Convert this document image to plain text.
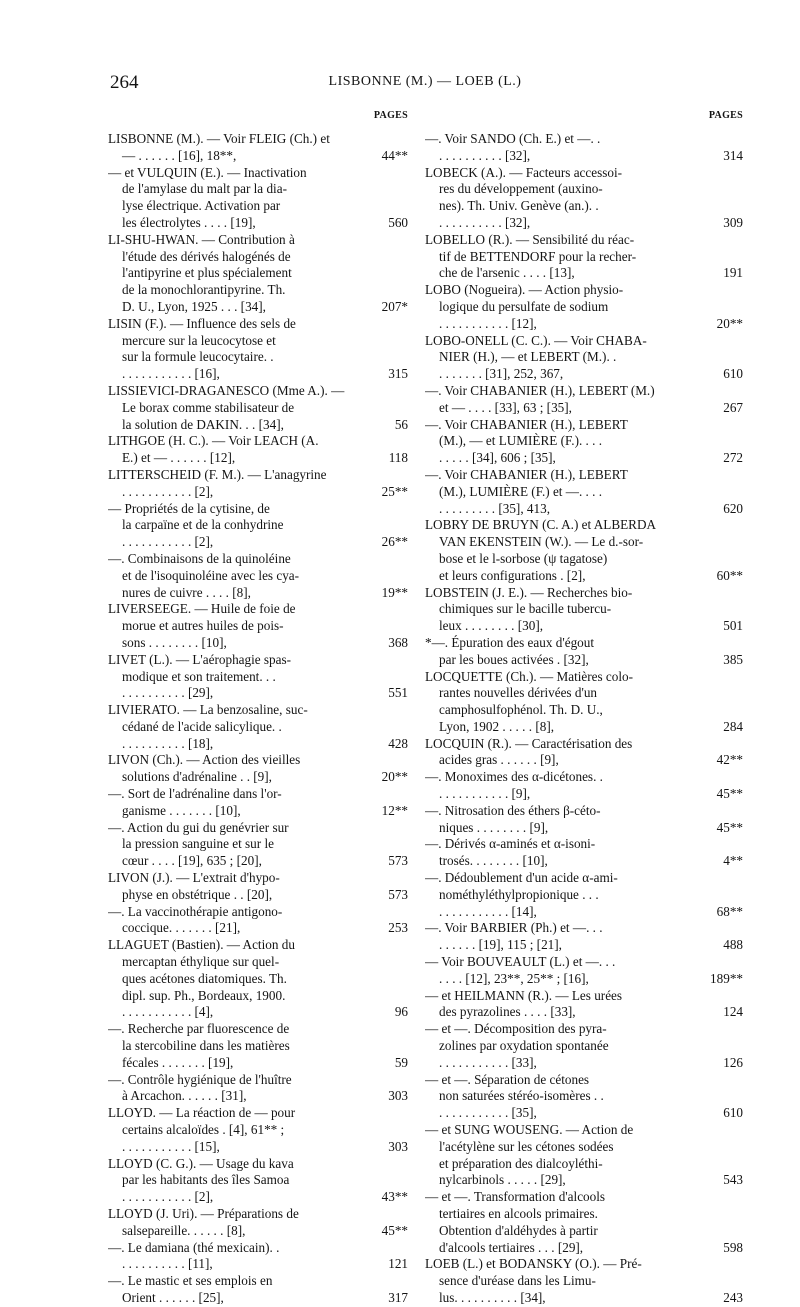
264	LISBONNE (M.) — LOEB (L.)
PAGES
LISBONNE (M.). — Voir FLEIG (Ch.) et
— . . . . . . [16], 18**,	44**
— et VULQUIN (E.). — Inactivation
de l'amylase du malt par la dia-
lyse électrique. Activation par
les électrolytes . . . . [19],	560
LI-SHU-HWAN. — Contribution à
l'étude des dérivés halogénés de
l'antipyrine et plus spécialement
de la monochlorantipyrine. Th.
D. U., Lyon, 1925 . . . [34],	207*
LISIN (F.). — Influence des sels de
mercure sur la leucocytose et
sur la formule leucocytaire. .
. . . . . . . . . . . [16],	315
LISSIEVICI-DRAGANESCO (Mme A.). —
Le borax comme stabilisateur de
la solution de DAKIN. . . [34],	56
LITHGOE (H. C.). — Voir LEACH (A.
E.) et — . . . . . . [12],	118
LITTERSCHEID (F. M.). — L'anagyrine
. . . . . . . . . . . [2],	25**
— Propriétés de la cytisine, de
la carpaïne et de la conhydrine
. . . . . . . . . . . [2],	26**
—. Combinaisons de la quinoléine
et de l'isoquinoléine avec les cya-
nures de cuivre . . . . [8],	19**
LIVERSEEGE. — Huile de foie de
morue et autres huiles de pois-
sons . . . . . . . . [10],	368
LIVET (L.). — L'aérophagie spas-
modique et son traitement. . .
. . . . . . . . . . [29],	551
LIVIERATO. — La benzosaline, suc-
cédané de l'acide salicylique. .
. . . . . . . . . . [18],	428
LIVON (Ch.). — Action des vieilles
solutions d'adrénaline . . [9],	20**
—. Sort de l'adrénaline dans l'or-
ganisme . . . . . . . [10],	12**
—. Action du gui du genévrier sur
la pression sanguine et sur le
cœur . . . . [19], 635 ; [20],	573
LIVON (J.). — L'extrait d'hypo-
physe en obstétrique . . [20],	573
—. La vaccinothérapie antigono-
coccique. . . . . . . [21],	253
LLAGUET (Bastien). — Action du
mercaptan éthylique sur quel-
ques acétones diatomiques. Th.
dipl. sup. Ph., Bordeaux, 1900.
. . . . . . . . . . . [4],	96
—. Recherche par fluorescence de
la stercobiline dans les matières
fécales . . . . . . . [19],	59
—. Contrôle hygiénique de l'huître
à Arcachon. . . . . . [31],	303
LLOYD. — La réaction de — pour
certains alcaloïdes . [4], 61** ;
. . . . . . . . . . . [15],	303
LLOYD (C. G.). — Usage du kava
par les habitants des îles Samoa
. . . . . . . . . . . [2],	43**
LLOYD (J. Uri). — Préparations de
salsepareille. . . . . . [8],	45**
—. Le damiana (thé mexicain). .
. . . . . . . . . . [11],	121
—. Le mastic et ses emplois en
Orient . . . . . . [25],	317
PAGES
—. Voir SANDO (Ch. E.) et —. .
. . . . . . . . . . [32],	314
LOBECK (A.). — Facteurs accessoi-
res du développement (auxino-
nes). Th. Univ. Genève (an.). .
. . . . . . . . . . [32],	309
LOBELLO (R.). — Sensibilité du réac-
tif de BETTENDORF pour la recher-
che de l'arsenic . . . . [13],	191
LOBO (Nogueira). — Action physio-
logique du persulfate de sodium
. . . . . . . . . . . [12],	20**
LOBO-ONELL (C. C.). — Voir CHABA-
NIER (H.), — et LEBERT (M.). .
. . . . . . . [31], 252, 367,	610
—. Voir CHABANIER (H.), LEBERT (M.)
et — . . . . [33], 63 ; [35],	267
—. Voir CHABANIER (H.), LEBERT
(M.), — et LUMIÈRE (F.). . . .
. . . . . [34], 606 ; [35],	272
—. Voir CHABANIER (H.), LEBERT
(M.), LUMIÈRE (F.) et —. . . .
. . . . . . . . . [35], 413,	620
LOBRY DE BRUYN (C. A.) et ALBERDA
VAN EKENSTEIN (W.). — Le d.-sor-
bose et le l-sorbose (ψ tagatose)
et leurs configurations . [2],	60**
LOBSTEIN (J. E.). — Recherches bio-
chimiques sur le bacille tubercu-
leux . . . . . . . . [30],	501
*—. Épuration des eaux d'égout
par les boues activées . [32],	385
LOCQUETTE (Ch.). — Matières colo-
rantes nouvelles dérivées d'un
camphosulfophénol. Th. D. U.,
Lyon, 1902 . . . . . [8],	284
LOCQUIN (R.). — Caractérisation des
acides gras . . . . . . [9],	42**
—. Monoximes des α-dicétones. .
. . . . . . . . . . . [9],	45**
—. Nitrosation des éthers β-céto-
niques . . . . . . . . [9],	45**
—. Dérivés α-aminés et α-isoni-
trosés. . . . . . . . [10],	4**
—. Dédoublement d'un acide α-ami-
nométhyléthylpropionique . . .
. . . . . . . . . . . [14],	68**
—. Voir BARBIER (Ph.) et —. . .
. . . . . . [19], 115 ; [21],	488
— Voir BOUVEAULT (L.) et —. . .
. . . . [12], 23**, 25** ; [16],	189**
— et HEILMANN (R.). — Les urées
des pyrazolines . . . . [33],	124
— et —. Décomposition des pyra-
zolines par oxydation spontanée
. . . . . . . . . . . [33],	126
— et —. Séparation de cétones
non saturées stéréo-isomères . .
. . . . . . . . . . . [35],	610
— et SUNG WOUSENG. — Action de
l'acétylène sur les cétones sodées
et préparation des dialcoyléthi-
nylcarbinols . . . . . [29],	543
— et —. Transformation d'alcools
tertiaires en alcools primaires.
Obtention d'aldéhydes à partir
d'alcools tertiaires . . . [29],	598
LOEB (L.) et BODANSKY (O.). — Pré-
sence d'uréase dans les Limu-
lus. . . . . . . . . . [34],	243
